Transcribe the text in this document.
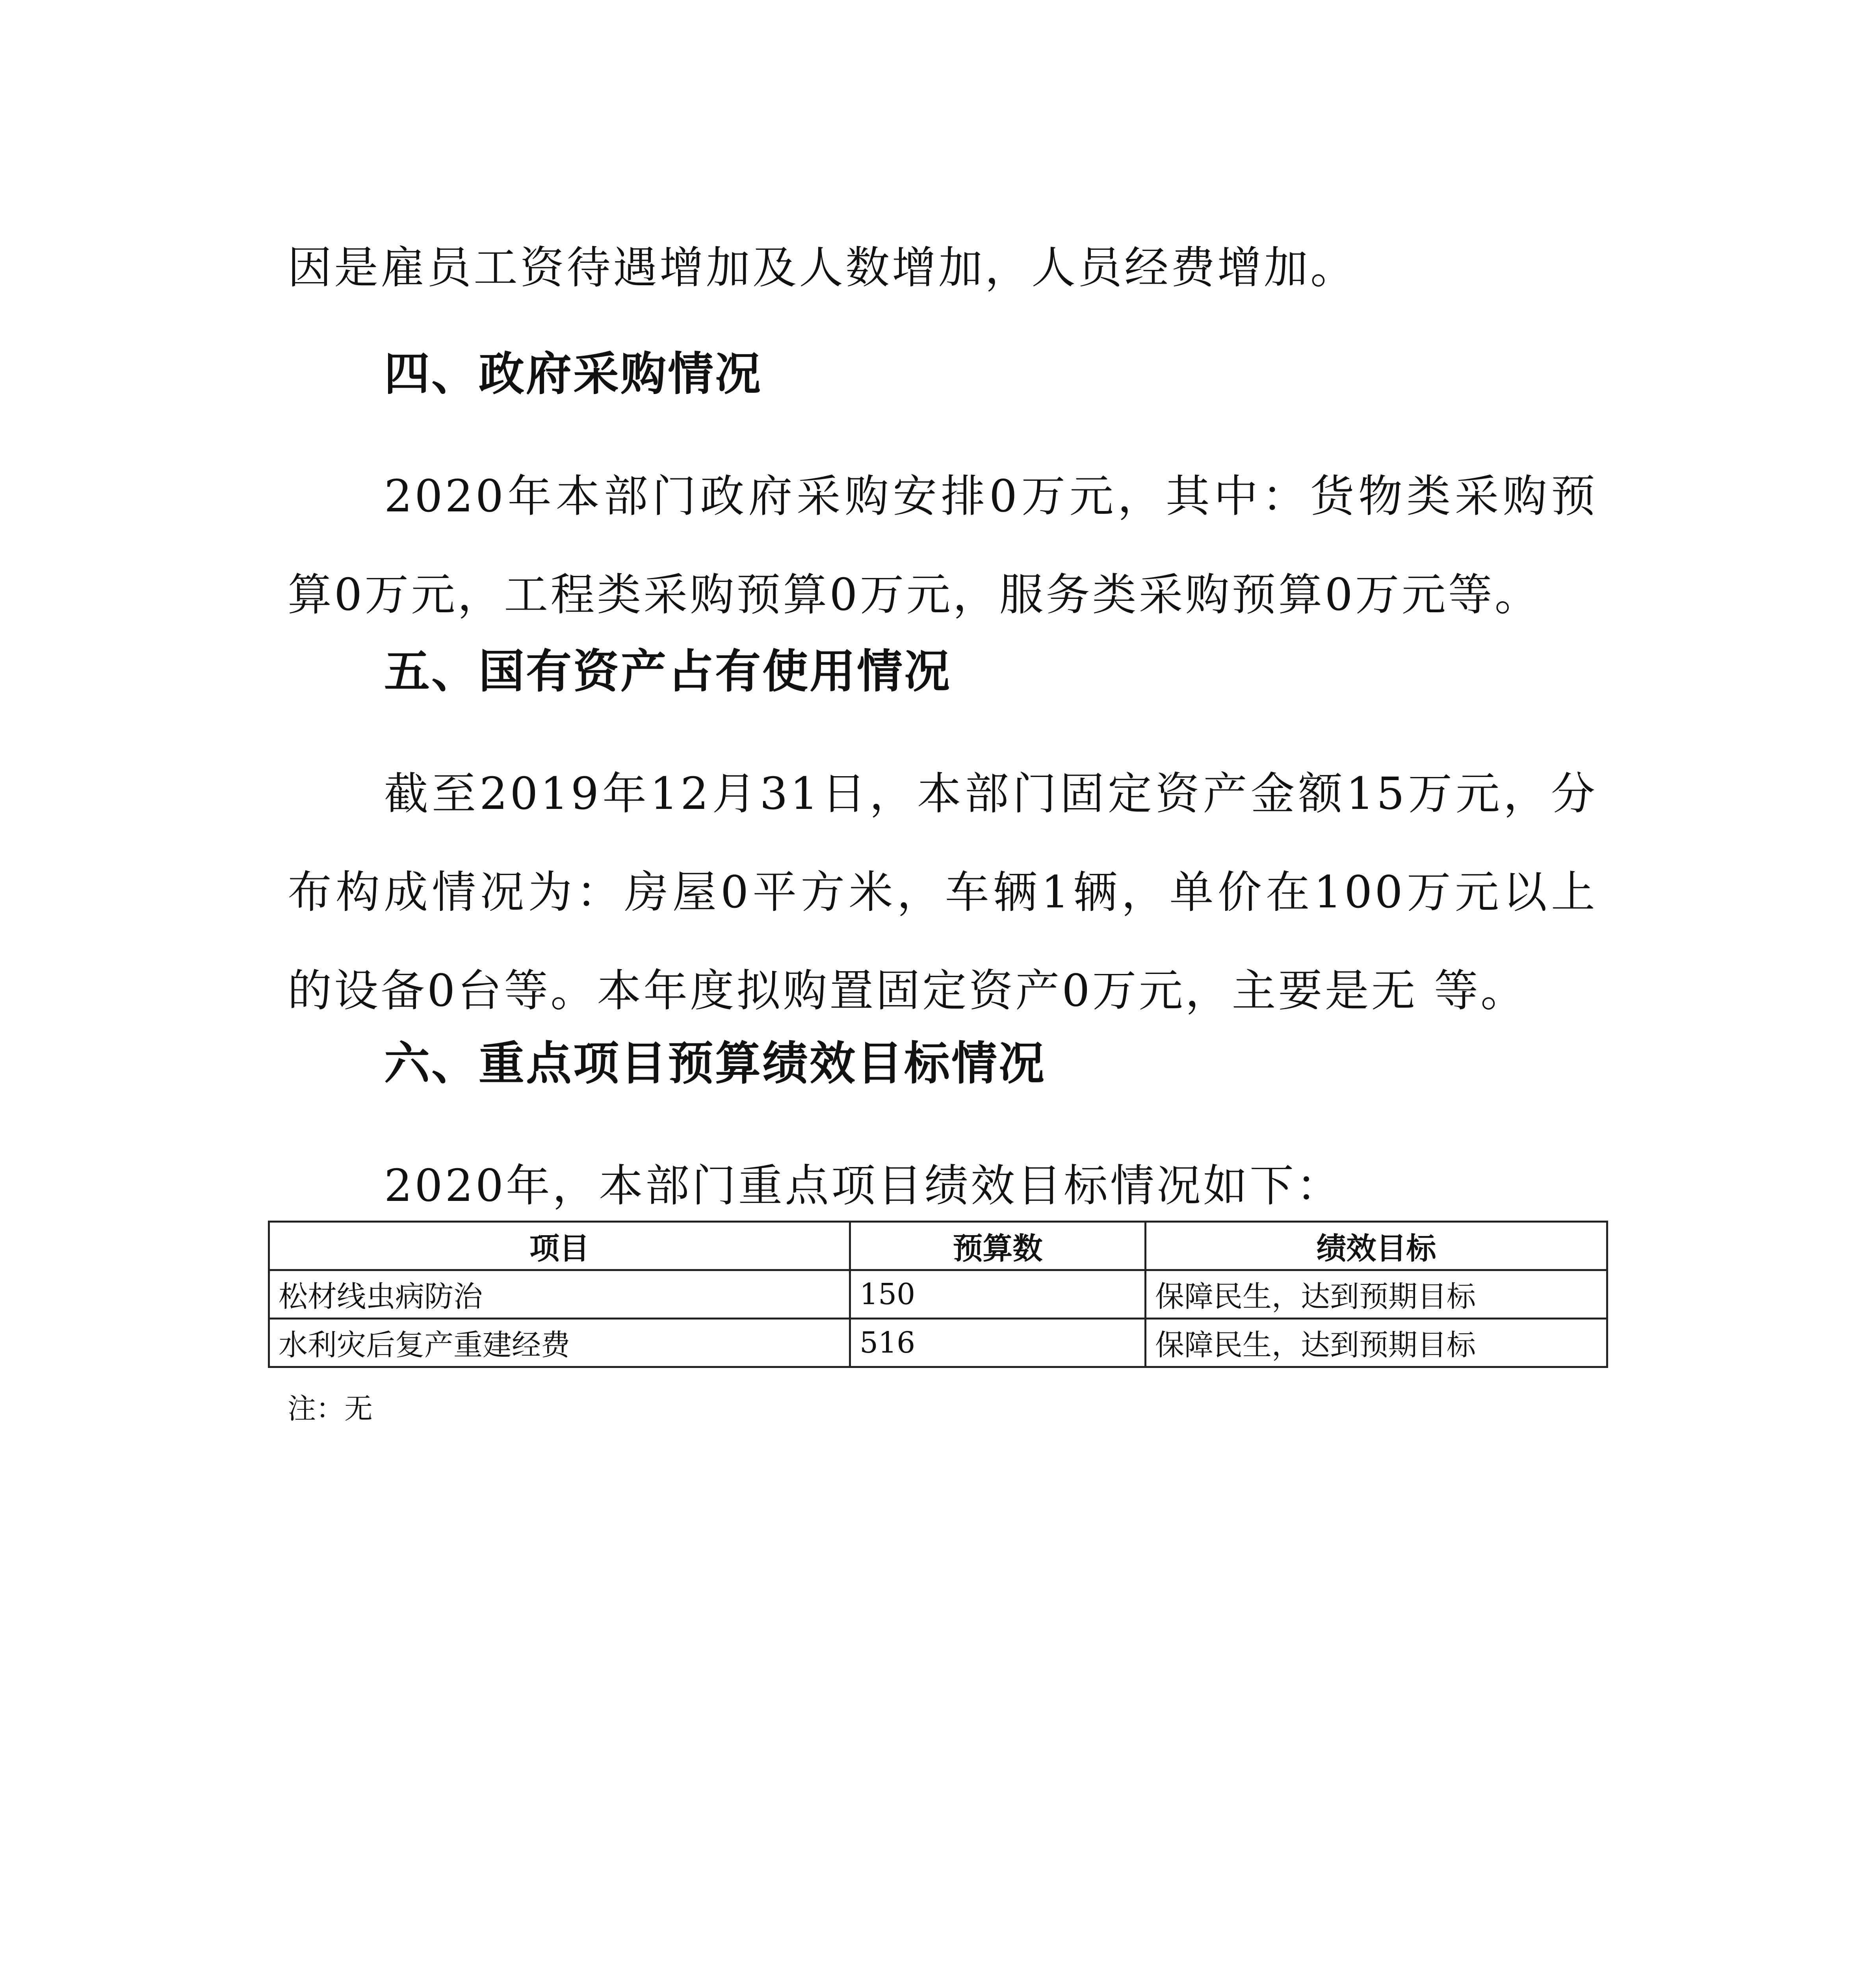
因是雇员工资待遇增加及人数增加，人员经费增加。
四、政府采购情况
2020年本部门政府采购安排0万元，其中：货物类采购预算0万元，工程类采购预算0万元，服务类采购预算0万元等。
五、国有资产占有使用情况
截至2019年12月31日，本部门固定资产金额15万元，分布构成情况为：房屋0平方米，车辆1辆，单价在100万元以上的设备0台等。本年度拟购置固定资产0万元，主要是无 等。
六、重点项目预算绩效目标情况
2020年，本部门重点项目绩效目标情况如下：
项目	预算数	绩效目标
松材线虫病防治	150	保障民生，达到预期目标
水利灾后复产重建经费	516	保障民生，达到预期目标
注：无
